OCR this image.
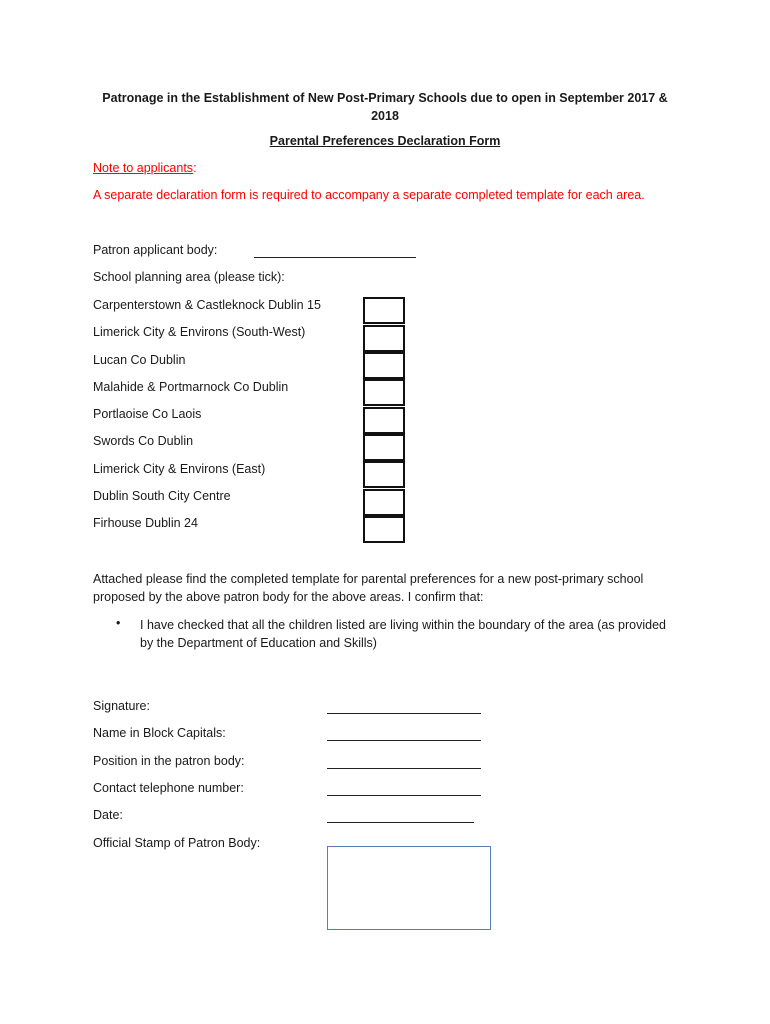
Patronage in the Establishment of New Post-Primary Schools due to open in September 2017 &
2018
Parental Preferences Declaration Form
Note to applicants:
A separate declaration form is required to accompany a separate completed template for each area.
Patron applicant body:
School planning area (please tick):
Carpenterstown & Castleknock Dublin 15
Limerick City & Environs (South-West)
Lucan Co Dublin
Malahide & Portmarnock Co Dublin
Portlaoise Co Laois
Swords Co Dublin
Limerick City & Environs (East)
Dublin South City Centre
Firhouse Dublin 24
Attached please find the completed template for parental preferences for a new post-primary school proposed by the above patron body for the above areas. I confirm that:
• I have checked that all the children listed are living within the boundary of the area (as provided by the Department of Education and Skills)
Signature:
Name in Block Capitals:
Position in the patron body:
Contact telephone number:
Date:
Official Stamp of Patron Body:
